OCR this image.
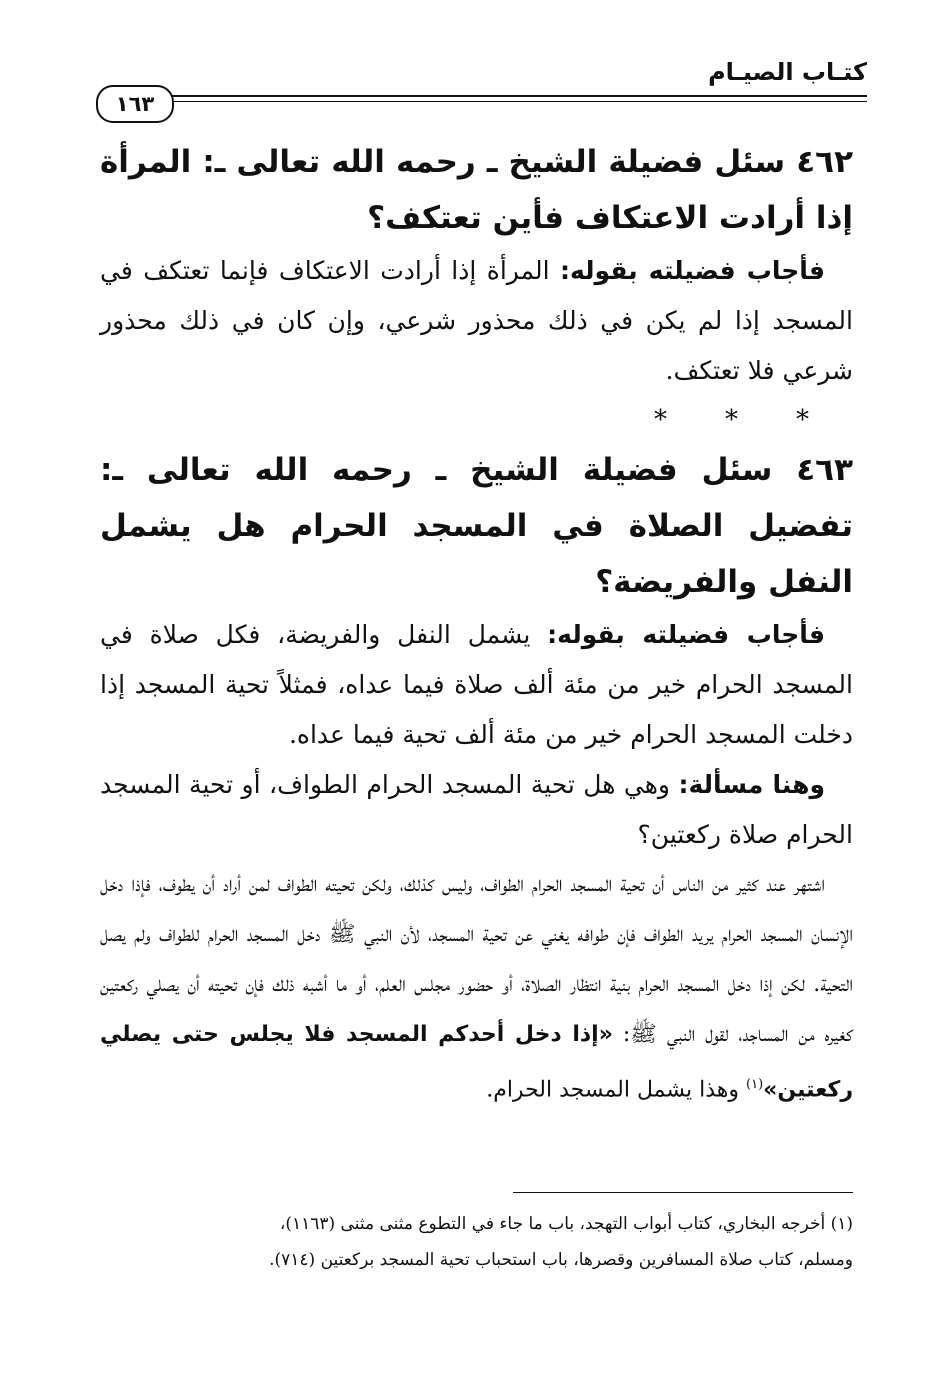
كتـاب الصيـام
١٦٣

٤٦٢ سئل فضيلة الشيخ ـ رحمه الله تعالى ـ: المرأة إذا أرادت الاعتكاف فأين تعتكف؟

فأجاب فضيلته بقوله: المرأة إذا أرادت الاعتكاف فإنما تعتكف في المسجد إذا لم يكن في ذلك محذور شرعي، وإن كان في ذلك محذور شرعي فلا تعتكف.

***

٤٦٣ سئل فضيلة الشيخ ـ رحمه الله تعالى ـ: تفضيل الصلاة في المسجد الحرام هل يشمل النفل والفريضة؟

فأجاب فضيلته بقوله: يشمل النفل والفريضة، فكل صلاة في المسجد الحرام خير من مئة ألف صلاة فيما عداه، فمثلاً تحية المسجد إذا دخلت المسجد الحرام خير من مئة ألف تحية فيما عداه.

وهنا مسألة: وهي هل تحية المسجد الحرام الطواف، أو تحية المسجد الحرام صلاة ركعتين؟

اشتهر عند كثير من الناس أن تحية المسجد الحرام الطواف، وليس كذلك، ولكن تحيته الطواف لمن أراد أن يطوف، فإذا دخل الإنسان المسجد الحرام يريد الطواف فإن طوافه يغني عن تحية المسجد، لأن النبي ﷺ دخل المسجد الحرام للطواف ولم يصل التحية. لكن إذا دخل المسجد الحرام بنية انتظار الصلاة، أو حضور مجلس العلم، أو ما أشبه ذلك فإن تحيته أن يصلي ركعتين كغيره من المساجد، لقول النبي ﷺ: «إذا دخل أحدكم المسجد فلا يجلس حتى يصلي ركعتين»$^{(١)}$ وهذا يشمل المسجد الحرام.

(١) أخرجه البخاري، كتاب أبواب التهجد، باب ما جاء في التطوع مثنى مثنى (١١٦٣)،

ومسلم، كتاب صلاة المسافرين وقصرها، باب استحباب تحية المسجد بركعتين (٧١٤).
